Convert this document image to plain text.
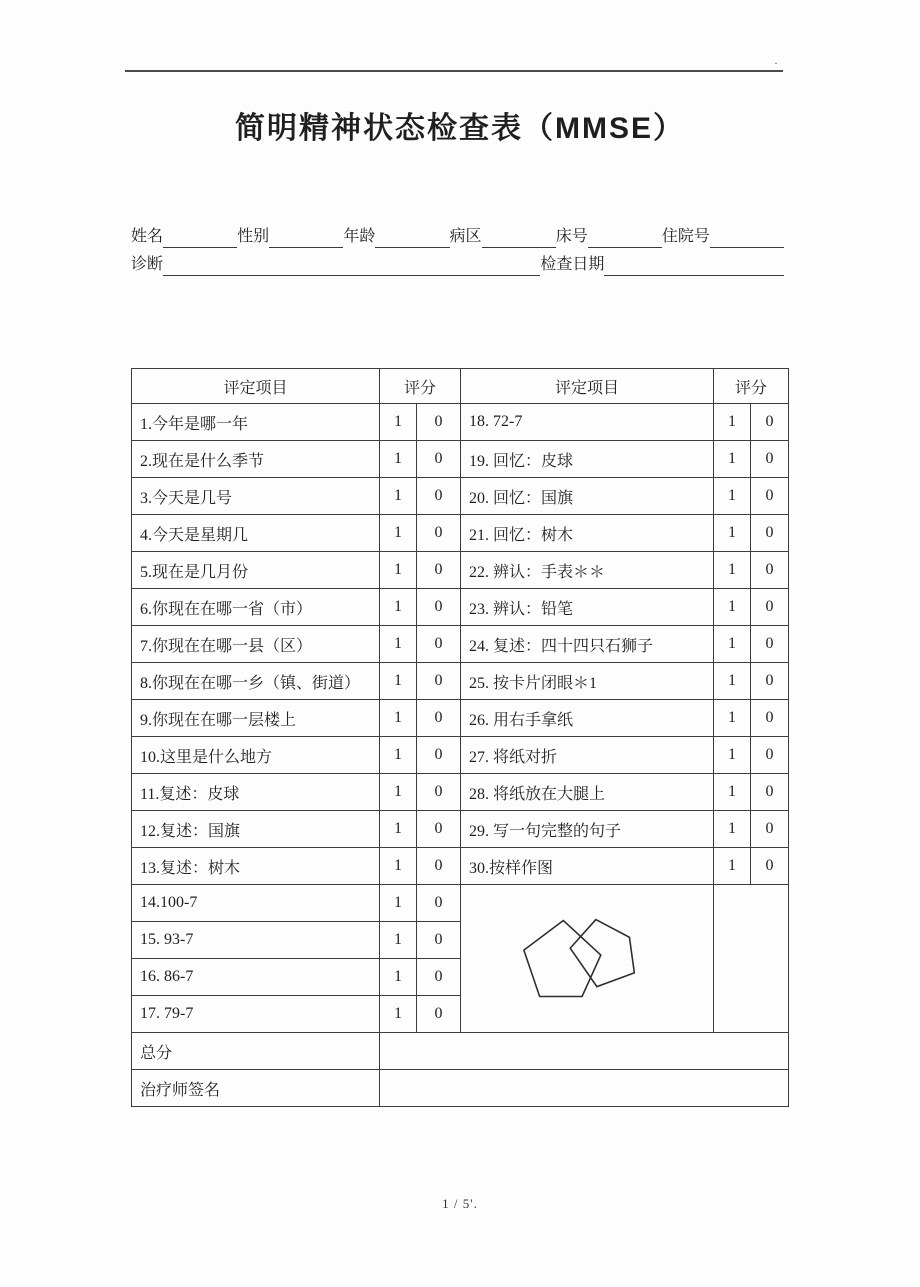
·
简明精神状态检查表（MMSE）
姓名	性别	年龄	病区	床号	住院号
诊断	检查日期
评定项目	评分		评定项目	评分	
1.今年是哪一年	1	0	18. 72-7	1	0
2.现在是什么季节	1	0	19. 回忆：皮球	1	0
3.今天是几号	1	0	20. 回忆：国旗	1	0
4.今天是星期几	1	0	21. 回忆：树木	1	0
5.现在是几月份	1	0	22. 辨认：手表＊＊	1	0
6.你现在在哪一省（市）	1	0	23. 辨认：铅笔	1	0
7.你现在在哪一县（区）	1	0	24. 复述：四十四只石狮子	1	0
8.你现在在哪一乡（镇、街道）	1	0	25. 按卡片闭眼＊1	1	0
9.你现在在哪一层楼上	1	0	26. 用右手拿纸	1	0
10.这里是什么地方	1	0	27. 将纸对折	1	0
11.复述：皮球	1	0	28. 将纸放在大腿上	1	0
12.复述：国旗	1	0	29. 写一句完整的句子	1	0
13.复述：树木	1	0	30.按样作图	1	0
14.100-7	1	0	

15. 93-7	1	0			
16. 86-7	1	0			
17. 79-7	1	0			
总分					
治疗师签名					
1 / 5'.
